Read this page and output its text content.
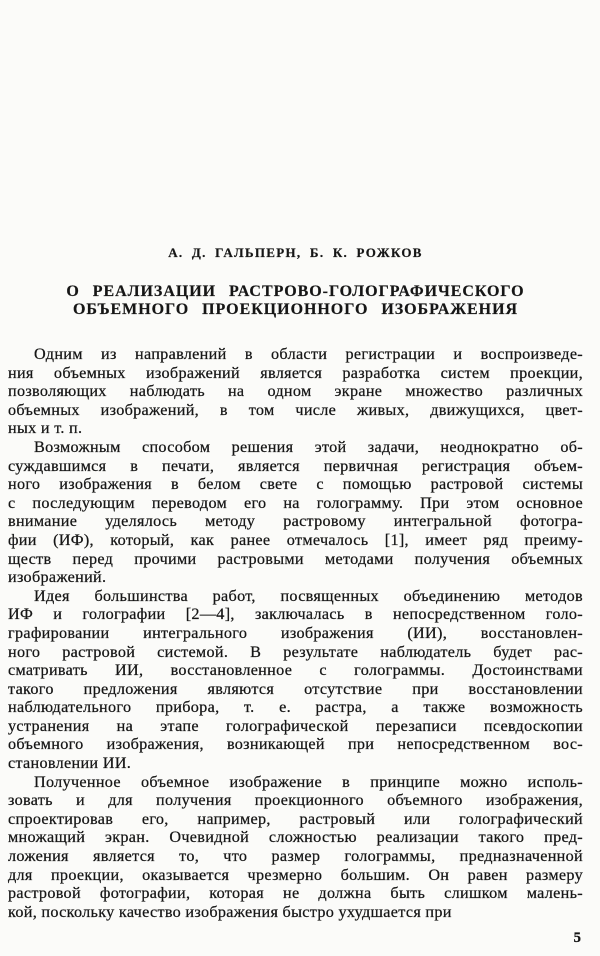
А. Д. ГАЛЬПЕРН, Б. К. РОЖКОВ
О РЕАЛИЗАЦИИ РАСТРОВО-ГОЛОГРАФИЧЕСКОГО
ОБЪЕМНОГО ПРОЕКЦИОННОГО ИЗОБРАЖЕНИЯ
Одним из направлений в области регистрации и воспроизведе-
ния объемных изображений является разработка систем проекции,
позволяющих наблюдать на одном экране множество различных
объемных изображений, в том числе живых, движущихся, цвет-
ных и т. п.
Возможным способом решения этой задачи, неоднократно об-
суждавшимся в печати, является первичная регистрация объем-
ного изображения в белом свете с помощью растровой системы
с последующим переводом его на голограмму. При этом основное
внимание уделялось методу растровому интегральной фотогра-
фии (ИФ), который, как ранее отмечалось [1], имеет ряд преиму-
ществ перед прочими растровыми методами получения объемных
изображений.
Идея большинства работ, посвященных объединению методов
ИФ и голографии [2—4], заключалась в непосредственном голо-
графировании интегрального изображения (ИИ), восстановлен-
ного растровой системой. В результате наблюдатель будет рас-
сматривать ИИ, восстановленное с голограммы. Достоинствами
такого предложения являются отсутствие при восстановлении
наблюдательного прибора, т. е. растра, а также возможность
устранения на этапе голографической перезаписи псевдоскопии
объемного изображения, возникающей при непосредственном вос-
становлении ИИ.
Полученное объемное изображение в принципе можно исполь-
зовать и для получения проекционного объемного изображения,
спроектировав его, например, растровый или голографический
множащий экран. Очевидной сложностью реализации такого пред-
ложения является то, что размер голограммы, предназначенной
для проекции, оказывается чрезмерно большим. Он равен размеру
растровой фотографии, которая не должна быть слишком малень-
кой, поскольку качество изображения быстро ухудшается при
5
